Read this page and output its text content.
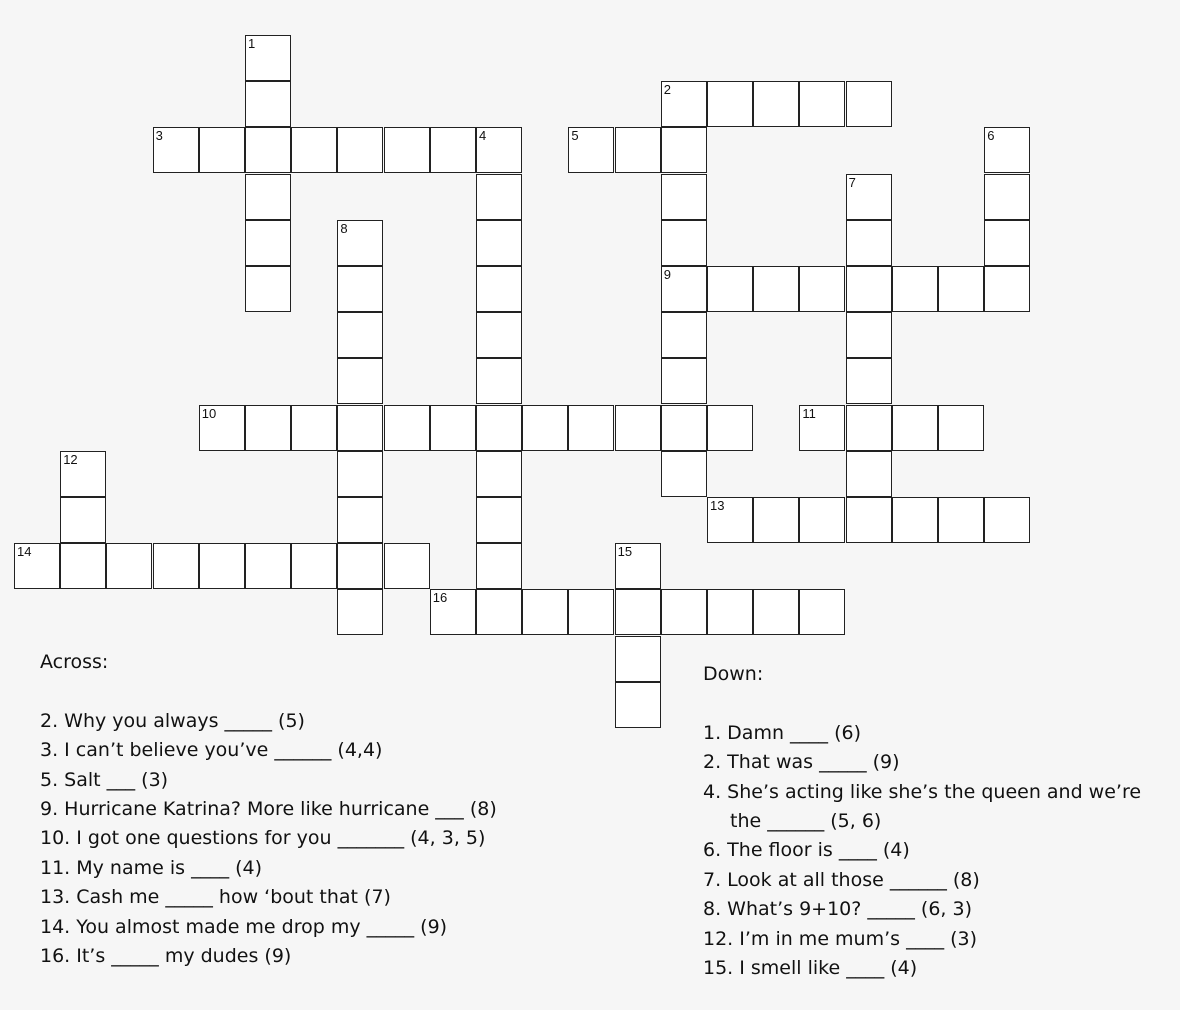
1
2
9
3	4	5	6
7
8
10	11
12
13
14	15
16
Across:
2. Why you always _____ (5)
3. I can’t believe you’ve ______ (4,4)
5. Salt ___ (3)
9. Hurricane Katrina? More like hurricane ___ (8)
10. I got one questions for you _______ (4, 3, 5)
11. My name is ____ (4)
13. Cash me _____ how ‘bout that (7)
14. You almost made me drop my _____ (9)
16. It’s _____ my dudes (9)
Down:
1. Damn ____ (6)
2. That was _____ (9)
4. She’s acting like she’s the queen and we’re
the ______ (5, 6)
6. The floor is ____ (4)
7. Look at all those ______ (8)
8. What’s 9+10? _____ (6, 3)
12. I’m in me mum’s ____ (3)
15. I smell like ____ (4)
